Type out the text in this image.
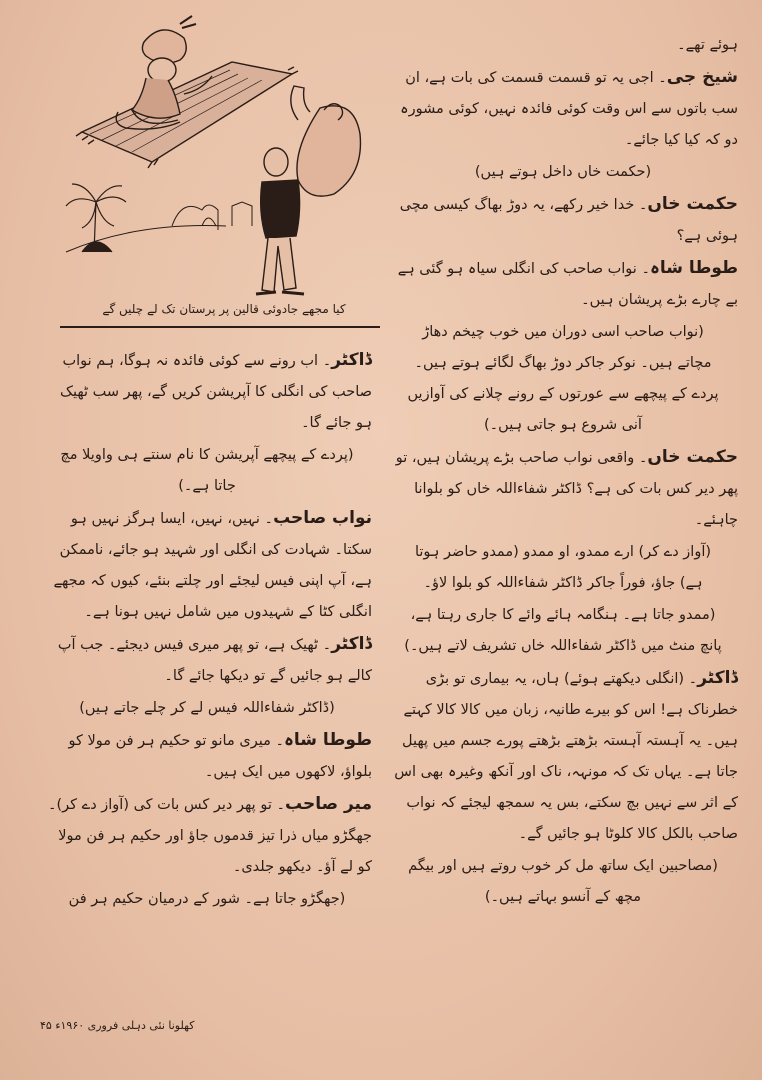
کیا مجھے جادوئی قالین پر پرستان تک لے چلیں گے

ہوئے تھے۔

شیخ جی۔ اجی یہ تو قسمت قسمت کی بات ہے، ان سب باتوں سے اس وقت کوئی فائدہ نہیں، کوئی مشورہ دو کہ کیا کیا جائے۔

(حکمت خاں داخل ہوتے ہیں)

حکمت خاں۔ خدا خیر رکھے، یہ دوڑ بھاگ کیسی مچی ہوئی ہے؟

طوطا شاہ۔ نواب صاحب کی انگلی سیاہ ہو گئی ہے بے چارے بڑے پریشان ہیں۔

(نواب صاحب اسی دوران میں خوب چیخم دھاڑ مچاتے ہیں۔ نوکر جاکر دوڑ بھاگ لگائے ہوتے ہیں۔ پردے کے پیچھے سے عورتوں کے رونے چلانے کی آوازیں آنی شروع ہو جاتی ہیں۔)

حکمت خاں۔ واقعی نواب صاحب بڑے پریشان ہیں، تو پھر دیر کس بات کی ہے؟ ڈاکٹر شفاءاللہ خاں کو بلوانا چاہئے۔

(آواز دے کر) ارے ممدو، او ممدو (ممدو حاضر ہوتا ہے) جاؤ، فوراً جاکر ڈاکٹر شفاءاللہ کو بلوا لاؤ۔

(ممدو جاتا ہے۔ ہنگامہ ہائے وائے کا جاری رہتا ہے، پانچ منٹ میں ڈاکٹر شفاءاللہ خاں تشریف لاتے ہیں۔)

ڈاکٹر۔ (انگلی دیکھتے ہوئے) ہاں، یہ بیماری تو بڑی خطرناک ہے! اس کو بیرے طانیہ، زبان میں کالا کالا کہتے ہیں۔ یہ آہستہ آہستہ بڑھتے بڑھتے پورے جسم میں پھیل جاتا ہے۔ یہاں تک کہ مونہہ، ناک اور آنکھ وغیرہ بھی اس کے اثر سے نہیں بچ سکتے، بس یہ سمجھ لیجئے کہ نواب صاحب بالکل کالا کلوٹا ہو جائیں گے۔

(مصاحبین ایک ساتھ مل کر خوب روتے ہیں اور بیگم مچھ کے آنسو بہاتے ہیں۔)

ڈاکٹر۔ اب رونے سے کوئی فائدہ نہ ہوگا، ہم نواب صاحب کی انگلی کا آپریشن کریں گے، پھر سب ٹھیک ہو جائے گا۔

(پردے کے پیچھے آپریشن کا نام سنتے ہی واویلا مچ جاتا ہے۔)

نواب صاحب۔ نہیں، نہیں، ایسا ہرگز نہیں ہو سکتا۔ شہادت کی انگلی اور شہید ہو جائے، ناممکن ہے، آپ اپنی فیس لیجئے اور چلتے بنئے، کیوں کہ مجھے انگلی کٹا کے شہیدوں میں شامل نہیں ہونا ہے۔

ڈاکٹر۔ ٹھیک ہے، تو پھر میری فیس دیجئے۔ جب آپ کالے ہو جائیں گے تو دیکھا جائے گا۔

(ڈاکٹر شفاءاللہ فیس لے کر چلے جاتے ہیں)

طوطا شاہ۔ میری مانو تو حکیم ہر فن مولا کو بلواؤ، لاکھوں میں ایک ہیں۔

میر صاحب۔ تو پھر دیر کس بات کی (آواز دے کر)۔ جھگڑو میاں ذرا تیز قدموں جاؤ اور حکیم ہر فن مولا کو لے آؤ۔ دیکھو جلدی۔

(جھگڑو جاتا ہے۔ شور کے درمیان حکیم ہر فن

کھلونا نئی دہلی فروری ۱۹۶۰ء ۴۵
